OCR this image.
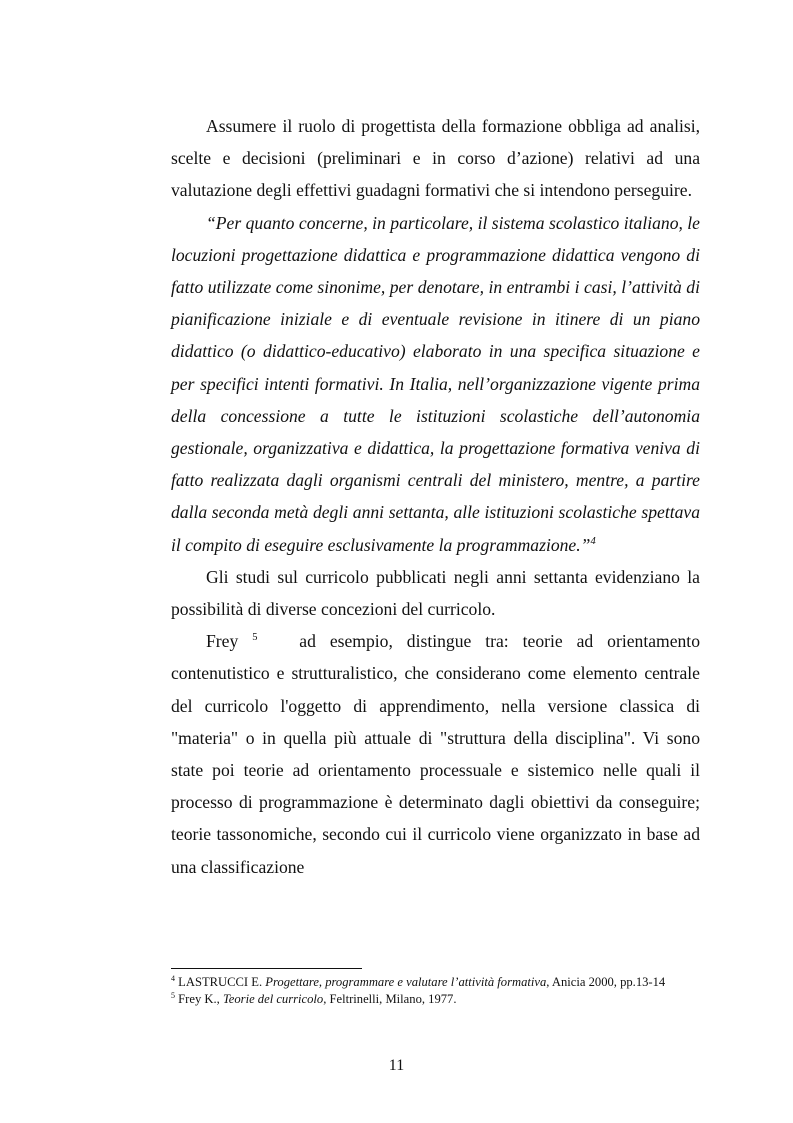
Assumere il ruolo di progettista della formazione obbliga ad analisi, scelte e decisioni (preliminari e in corso d’azione) relativi ad una valutazione degli effettivi guadagni formativi che si intendono perseguire.

“Per quanto concerne, in particolare, il sistema scolastico italiano, le locuzioni progettazione didattica e programmazione didattica vengono di fatto utilizzate come sinonime, per denotare, in entrambi i casi, l’attività di pianificazione iniziale e di eventuale revisione in itinere di un piano didattico (o didattico-educativo) elaborato in una specifica situazione e per specifici intenti formativi. In Italia, nell’organizzazione vigente prima della concessione a tutte le istituzioni scolastiche dell’autonomia gestionale, organizzativa e didattica, la progettazione formativa veniva di fatto realizzata dagli organismi centrali del ministero, mentre, a partire dalla seconda metà degli anni settanta, alle istituzioni scolastiche spettava il compito di eseguire esclusivamente la programmazione.”$^4$

Gli studi sul curricolo pubblicati negli anni settanta evidenziano la possibilità di diverse concezioni del curricolo.

Frey $^5$ ad esempio, distingue tra: teorie ad orientamento contenutistico e strutturalistico, che considerano come elemento centrale del curricolo l'oggetto di apprendimento, nella versione classica di "materia" o in quella più attuale di "struttura della disciplina". Vi sono state poi teorie ad orientamento processuale e sistemico nelle quali il processo di programmazione è determinato dagli obiettivi da conseguire; teorie tassonomiche, secondo cui il curricolo viene organizzato in base ad una classificazione

$^4$ LASTRUCCI E. Progettare, programmare e valutare l’attività formativa, Anicia 2000, pp.13-14

$^5$ Frey K., Teorie del curricolo, Feltrinelli, Milano, 1977.

11
